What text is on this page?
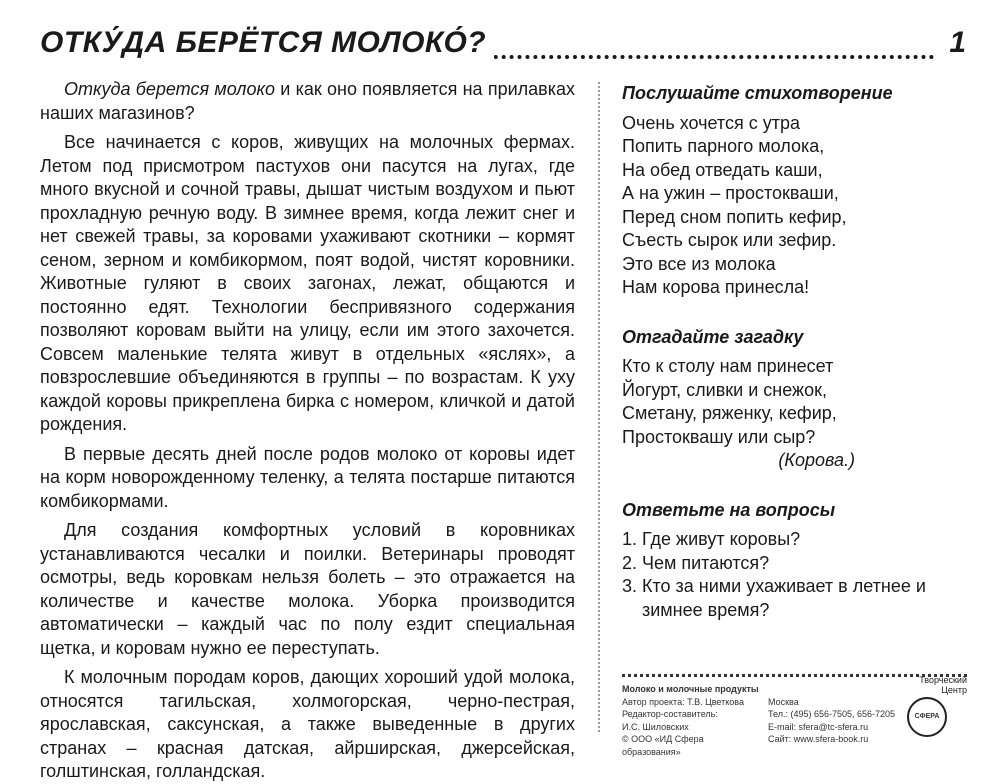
ОТКУ́ДА БЕРЁТСЯ МОЛОКО́?	1

Откуда берется молоко и как оно появляется на прилавках наших магазинов?

Все начинается с коров, живущих на молочных фермах. Летом под присмотром пастухов они пасутся на лугах, где много вкусной и сочной травы, дышат чистым воздухом и пьют прохладную речную воду. В зимнее время, когда лежит снег и нет свежей травы, за коровами ухаживают скотники – кормят сеном, зерном и комбикормом, поят водой, чистят коровники. Животные гуляют в своих загонах, лежат, общаются и постоянно едят. Технологии беспривязного содержания позволяют коровам выйти на улицу, если им этого захочется. Совсем маленькие телята живут в отдельных «яслях», а повзрослевшие объединяются в группы – по возрастам. К уху каждой коровы прикреплена бирка с номером, кличкой и датой рождения.

В первые десять дней после родов молоко от коровы идет на корм новорожденному теленку, а телята постарше питаются комбикормами.

Для создания комфортных условий в коровниках устанавливаются чесалки и поилки. Ветеринары проводят осмотры, ведь коровкам нельзя болеть – это отражается на количестве и качестве молока. Уборка производится автоматически – каждый час по полу ездит специальная щетка, и коровам нужно ее переступать.

К молочным породам коров, дающих хороший удой молока, относятся тагильская, холмогорская, черно-пестрая, ярославская, саксунская, а также выведенные в других странах – красная датская, айрширская, джерсейская, голштинская, голландская.

Послушайте стихотворение
Очень хочется с утра
Попить парного молока,
На обед отведать каши,
А на ужин – простокваши,
Перед сном попить кефир,
Съесть сырок или зефир.
Это все из молока
Нам корова принесла!
Отгадайте загадку
Кто к столу нам принесет
Йогурт, сливки и снежок,
Сметану, ряженку, кефир,
Простоквашу или сыр?
(Корова.)
Ответьте на вопросы
1. Где живут коровы?
2. Чем питаются?
3. Кто за ними ухаживает в летнее и зимнее время?
Молоко и молочные продукты
Автор проекта: Т.В. Цветкова
Редактор-составитель:
И.С. Шиловских
© ООО «ИД Сфера образования»
Москва
Тел.: (495) 656-7505, 656-7205
E-mail: sfera@tc-sfera.ru
Сайт: www.sfera-book.ru
Творческий
Центр
СФЕРА
